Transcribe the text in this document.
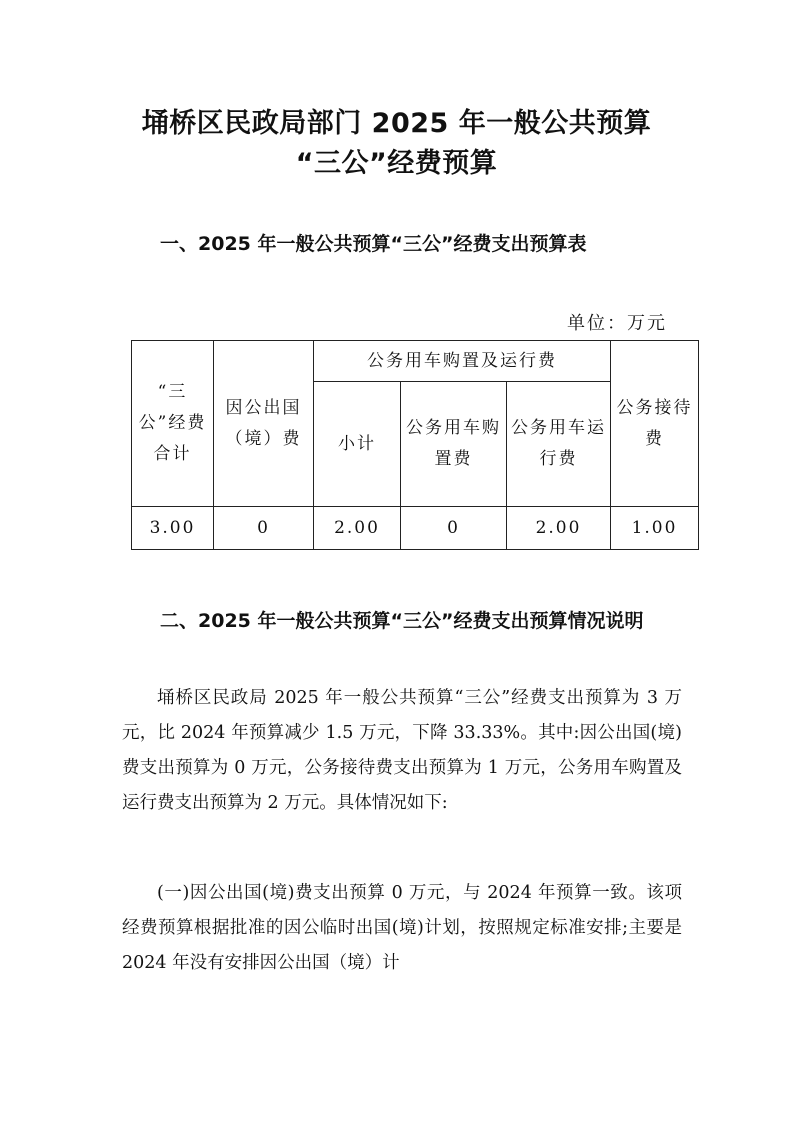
埇桥区民政局部门 2025 年一般公共预算
“三公”经费预算
一、2025 年一般公共预算“三公”经费支出预算表
单位：万元
“三公”经费合计	因公出国（境）费	公务用车购置及运行费			公务接待费
		小计	公务用车购置费	公务用车运行费	
3.00	0	2.00	0	2.00	1.00
二、2025 年一般公共预算“三公”经费支出预算情况说明

埇桥区民政局 2025 年一般公共预算“三公”经费支出预算为 3 万元，比 2024 年预算减少 1.5 万元，下降 33.33%。其中:因公出国(境)费支出预算为 0 万元，公务接待费支出预算为 1 万元，公务用车购置及运行费支出预算为 2 万元。具体情况如下:

(一)因公出国(境)费支出预算 0 万元，与 2024 年预算一致。该项经费预算根据批准的因公临时出国(境)计划，按照规定标准安排;主要是 2024 年没有安排因公出国（境）计
